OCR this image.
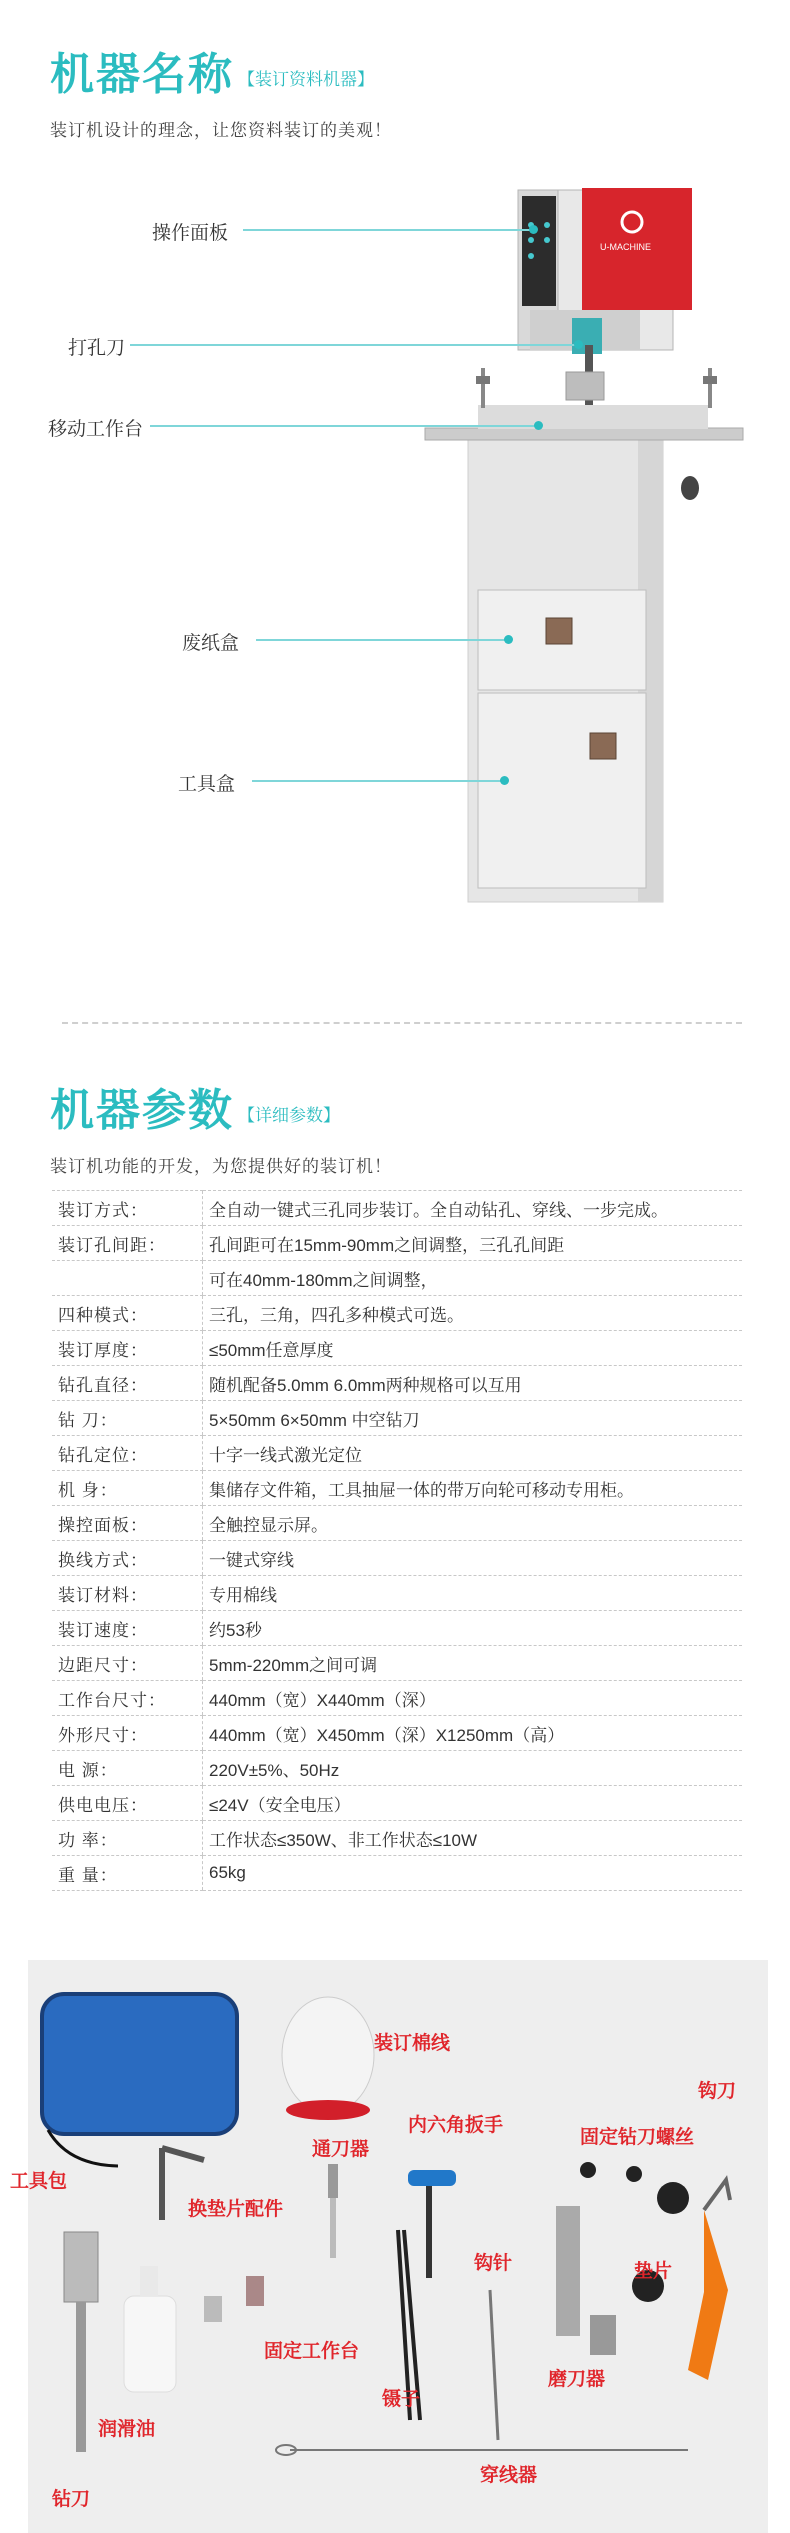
机器名称 【装订资料机器】
装订机设计的理念，让您资料装订的美观！
U-MACHINE
操作面板
打孔刀
移动工作台
废纸盒
工具盒
机器参数 【详细参数】
装订机功能的开发，为您提供好的装订机！
装订方式：		全自动一键式三孔同步装订。全自动钻孔、穿线、一步完成。
装订孔间距：		孔间距可在15mm-90mm之间调整，三孔孔间距
		可在40mm-180mm之间调整，
四种模式：		三孔，三角，四孔多种模式可选。
装订厚度：		≤50mm任意厚度
钻孔直径：		随机配备5.0mm 6.0mm两种规格可以互用
钻 刀：		5×50mm 6×50mm 中空钻刀
钻孔定位：		十字一线式激光定位
机 身：		集储存文件箱，工具抽屉一体的带万向轮可移动专用柜。
操控面板：		全触控显示屏。
换线方式：		一键式穿线
装订材料：		专用棉线
装订速度：		约53秒
边距尺寸：		5mm-220mm之间可调
工作台尺寸：		440mm（宽）X440mm（深）
外形尺寸：		440mm（宽）X450mm（深）X1250mm（高）
电 源：		220V±5%、50Hz
供电电压：		≤24V（安全电压）
功 率：		工作状态≤350W、非工作状态≤10W
重 量：		65kg
工具包
装订棉线
通刀器
换垫片配件
内六角扳手
固定钻刀螺丝
钩刀
钩针	垫片
润滑油
固定工作台
镊子
磨刀器
钻刀
穿线器
